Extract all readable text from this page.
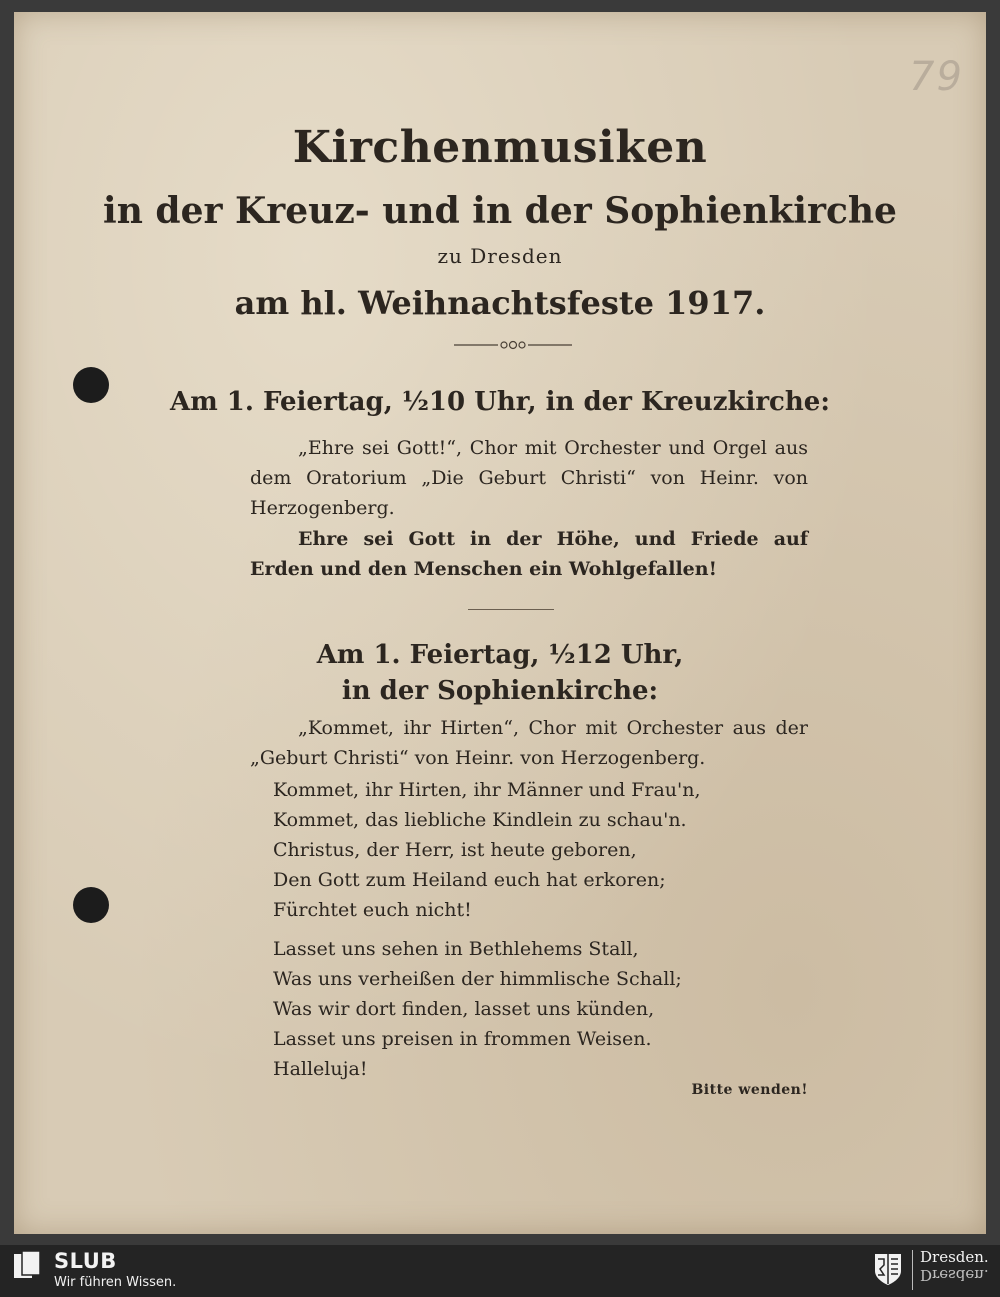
79
Kirchenmusiken
in der Kreuz- und in der Sophienkirche
zu Dresden
am hl. Weihnachtsfeste 1917.
Am 1. Feiertag, ½10 Uhr, in der Kreuzkirche:
„Ehre sei Gott!“, Chor mit Orchester und Orgel aus dem Oratorium „Die Geburt Christi“ von Heinr. von Herzogenberg.
Ehre sei Gott in der Höhe, und Friede auf Erden und den Menschen ein Wohlgefallen!
Am 1. Feiertag, ½12 Uhr,
in der Sophienkirche:
„Kommet, ihr Hirten“, Chor mit Orchester aus der „Geburt Christi“ von Heinr. von Herzogenberg.
Kommet, ihr Hirten, ihr Männer und Frau'n,
Kommet, das liebliche Kindlein zu schau'n.
Christus, der Herr, ist heute geboren,
Den Gott zum Heiland euch hat erkoren;
Fürchtet euch nicht!
Lasset uns sehen in Bethlehems Stall,
Was uns verheißen der himmlische Schall;
Was wir dort finden, lasset uns künden,
Lasset uns preisen in frommen Weisen.
Halleluja!
Bitte wenden!
SLUB
Wir führen Wissen.
Dresden.
Dresden.
